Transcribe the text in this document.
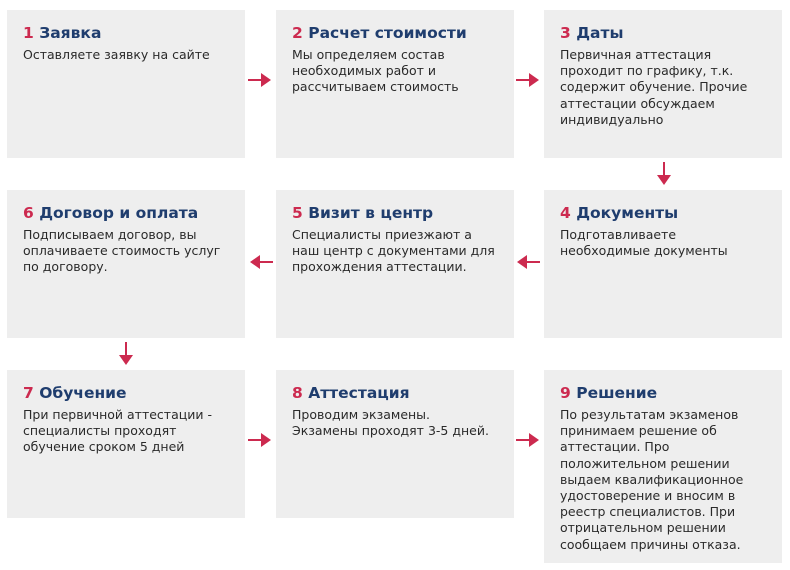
1 Заявка

Оставляете заявку на сайте

2 Расчет стоимости

Мы определяем состав необходимых работ и рассчитываем стоимость

3 Даты

Первичная аттестация проходит по графику, т.к. содержит обучение. Прочие аттестации обсуждаем индивидуально

6 Договор и оплата

Подписываем договор, вы оплачиваете стоимость услуг по договору.

5 Визит в центр

Специалисты приезжают а наш центр с документами для прохождения аттестации.

4 Документы

Подготавливаете необходимые документы

7 Обучение

При первичной аттестации - специалисты проходят обучение сроком 5 дней

8 Аттестация

Проводим экзамены. Экзамены проходят 3-5 дней.

9 Решение

По результатам экзаменов принимаем решение об аттестации. Про положительном решении выдаем квалификационное удостоверение и вносим в реестр специалистов. При отрицательном решении сообщаем причины отказа.
